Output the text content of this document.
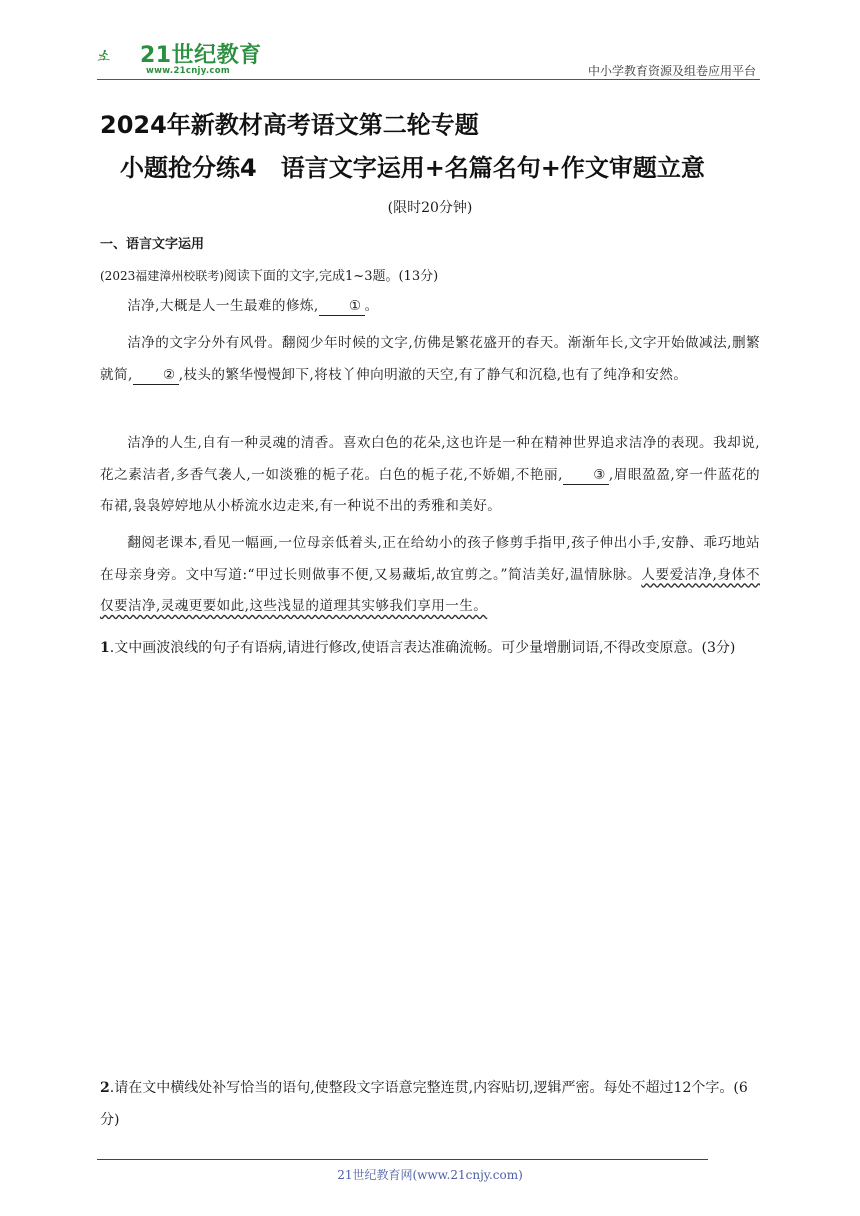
21世纪教育
www.21cnjy.com	中小学教育资源及组卷应用平台
2024年新教材高考语文第二轮专题
小题抢分练4　语言文字运用+名篇名句+作文审题立意
(限时20分钟)
一、语言文字运用
(2023福建漳州校联考)阅读下面的文字,完成1~3题。(13分)
洁净,大概是人一生最难的修炼, ① 。
洁净的文字分外有风骨。翻阅少年时候的文字,仿佛是繁花盛开的春天。渐渐年长,文字开始做减法,删繁就简, ② ,枝头的繁华慢慢卸下,将枝丫伸向明澈的天空,有了静气和沉稳,也有了纯净和安然。
洁净的人生,自有一种灵魂的清香。喜欢白色的花朵,这也许是一种在精神世界追求洁净的表现。我却说,花之素洁者,多香气袭人,一如淡雅的栀子花。白色的栀子花,不娇媚,不艳丽, ③ ,眉眼盈盈,穿一件蓝花的布裙,袅袅婷婷地从小桥流水边走来,有一种说不出的秀雅和美好。
翻阅老课本,看见一幅画,一位母亲低着头,正在给幼小的孩子修剪手指甲,孩子伸出小手,安静、乖巧地站在母亲身旁。文中写道:“甲过长则做事不便,又易藏垢,故宜剪之。”简洁美好,温情脉脉。人要爱洁净,身体不仅要洁净,灵魂更要如此,这些浅显的道理其实够我们享用一生。
1.文中画波浪线的句子有语病,请进行修改,使语言表达准确流畅。可少量增删词语,不得改变原意。(3分)
2.请在文中横线处补写恰当的语句,使整段文字语意完整连贯,内容贴切,逻辑严密。每处不超过12个字。(6分)
21世纪教育网(www.21cnjy.com)
